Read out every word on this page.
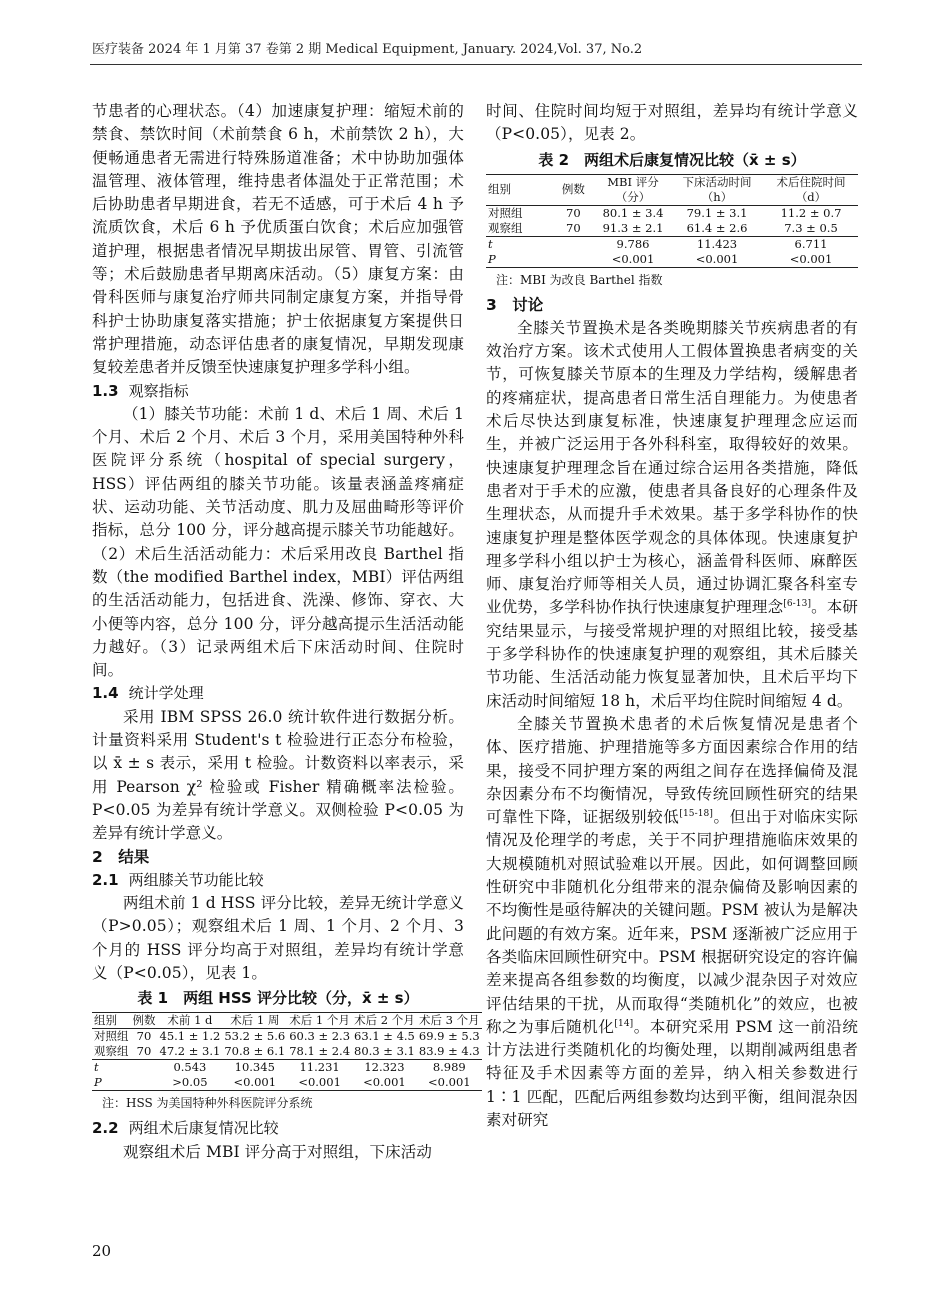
医疗装备 2024 年 1 月第 37 卷第 2 期 Medical Equipment, January. 2024,Vol. 37, No.2

节患者的心理状态。（4）加速康复护理：缩短术前的禁食、禁饮时间（术前禁食 6 h，术前禁饮 2 h），大便畅通患者无需进行特殊肠道准备；术中协助加强体温管理、液体管理，维持患者体温处于正常范围；术后协助患者早期进食，若无不适感，可于术后 4 h 予流质饮食，术后 6 h 予优质蛋白饮食；术后应加强管道护理，根据患者情况早期拔出尿管、胃管、引流管等；术后鼓励患者早期离床活动。（5）康复方案：由骨科医师与康复治疗师共同制定康复方案，并指导骨科护士协助康复落实措施；护士依据康复方案提供日常护理措施，动态评估患者的康复情况，早期发现康复较差患者并反馈至快速康复护理多学科小组。

1.3 观察指标

（1）膝关节功能：术前 1 d、术后 1 周、术后 1 个月、术后 2 个月、术后 3 个月，采用美国特种外科医院评分系统（hospital of special surgery，HSS）评估两组的膝关节功能。该量表涵盖疼痛症状、运动功能、关节活动度、肌力及屈曲畸形等评价指标，总分 100 分，评分越高提示膝关节功能越好。（2）术后生活活动能力：术后采用改良 Barthel 指数（the modified Barthel index，MBI）评估两组的生活活动能力，包括进食、洗澡、修饰、穿衣、大小便等内容，总分 100 分，评分越高提示生活活动能力越好。（3）记录两组术后下床活动时间、住院时间。

1.4 统计学处理

采用 IBM SPSS 26.0 统计软件进行数据分析。计量资料采用 Student's t 检验进行正态分布检验，以 x̄ ± s 表示，采用 t 检验。计数资料以率表示，采用 Pearson χ² 检验或 Fisher 精确概率法检验。P<0.05 为差异有统计学意义。双侧检验 P<0.05 为差异有统计学意义。

2　结果
2.1 两组膝关节功能比较

两组术前 1 d HSS 评分比较，差异无统计学意义（P>0.05）；观察组术后 1 周、1 个月、2 个月、3 个月的 HSS 评分均高于对照组，差异均有统计学意义（P<0.05），见表 1。

表 1　 两组 HSS 评分比较（分，x̄ ± s）
组别	例数	术前 1 d	术后 1 周	术后 1 个月	术后 2 个月	术后 3 个月
对照组	70	45.1 ± 1.2	53.2 ± 5.6	60.3 ± 2.3	63.1 ± 4.5	69.9 ± 5.3
观察组	70	47.2 ± 3.1	70.8 ± 6.1	78.1 ± 2.4	80.3 ± 3.1	83.9 ± 4.3
t		0.543	10.345	11.231	12.323	8.989
P		>0.05	<0.001	<0.001	<0.001	<0.001
注：HSS 为美国特种外科医院评分系统
2.2 两组术后康复情况比较

观察组术后 MBI 评分高于对照组，下床活动

时间、住院时间均短于对照组，差异均有统计学意义（P<0.05），见表 2。

表 2　 两组术后康复情况比较（x̄ ± s）
组别	例数	MBI 评分（分）	下床活动时间（h）	术后住院时间（d）
对照组	70	80.1 ± 3.4	79.1 ± 3.1	11.2 ± 0.7
观察组	70	91.3 ± 2.1	61.4 ± 2.6	7.3 ± 0.5
t		9.786	11.423	6.711
P		<0.001	<0.001	<0.001
注：MBI 为改良 Barthel 指数
3　讨论

全膝关节置换术是各类晚期膝关节疾病患者的有效治疗方案。该术式使用人工假体置换患者病变的关节，可恢复膝关节原本的生理及力学结构，缓解患者的疼痛症状，提高患者日常生活自理能力。为使患者术后尽快达到康复标准，快速康复护理理念应运而生，并被广泛运用于各外科科室，取得较好的效果。快速康复护理理念旨在通过综合运用各类措施，降低患者对于手术的应激，使患者具备良好的心理条件及生理状态，从而提升手术效果。基于多学科协作的快速康复护理是整体医学观念的具体体现。快速康复护理多学科小组以护士为核心，涵盖骨科医师、麻醉医师、康复治疗师等相关人员，通过协调汇聚各科室专业优势，多学科协作执行快速康复护理理念[6-13]。本研究结果显示，与接受常规护理的对照组比较，接受基于多学科协作的快速康复护理的观察组，其术后膝关节功能、生活活动能力恢复显著加快，且术后平均下床活动时间缩短 18 h，术后平均住院时间缩短 4 d。

全膝关节置换术患者的术后恢复情况是患者个体、医疗措施、护理措施等多方面因素综合作用的结果，接受不同护理方案的两组之间存在选择偏倚及混杂因素分布不均衡情况，导致传统回顾性研究的结果可靠性下降，证据级别较低[15-18]。但出于对临床实际情况及伦理学的考虑，关于不同护理措施临床效果的大规模随机对照试验难以开展。因此，如何调整回顾性研究中非随机化分组带来的混杂偏倚及影响因素的不均衡性是亟待解决的关键问题。PSM 被认为是解决此问题的有效方案。近年来，PSM 逐渐被广泛应用于各类临床回顾性研究中。PSM 根据研究设定的容许偏差来提高各组参数的均衡度，以减少混杂因子对效应评估结果的干扰，从而取得“类随机化”的效应，也被称之为事后随机化[14]。本研究采用 PSM 这一前沿统计方法进行类随机化的均衡处理，以期削减两组患者特征及手术因素等方面的差异，纳入相关参数进行 1∶1 匹配，匹配后两组参数均达到平衡，组间混杂因素对研究

20
